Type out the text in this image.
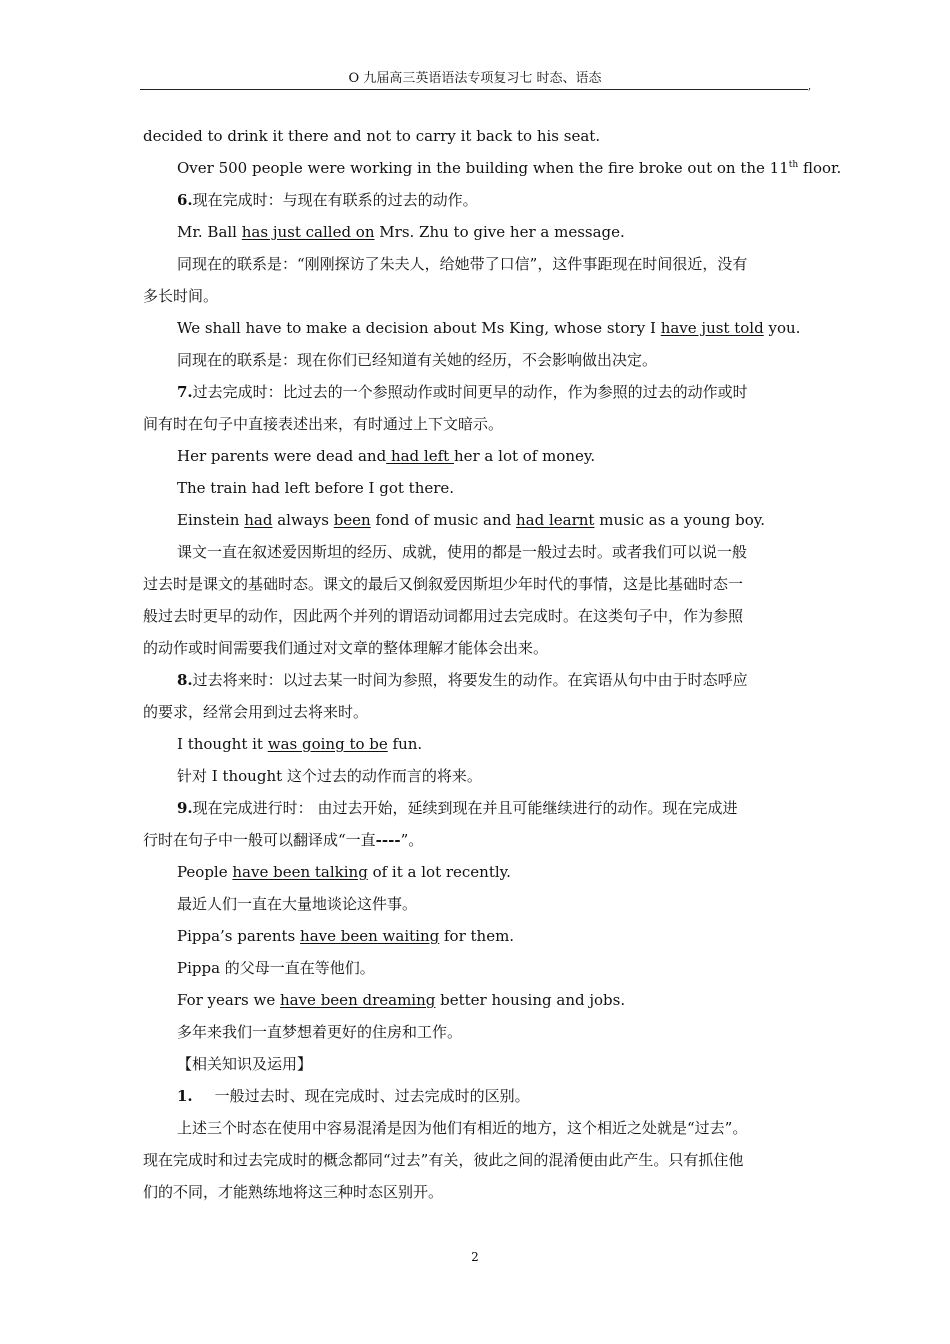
O 九届高三英语语法专项复习七 时态、语态
,
decided to drink it there and not to carry it back to his seat.
Over 500 people were working in the building when the fire broke out on the 11th floor.
6.现在完成时：与现在有联系的过去的动作。
Mr. Ball has just called on Mrs. Zhu to give her a message.
同现在的联系是：“刚刚探访了朱夫人，给她带了口信”，这件事距现在时间很近，没有
多长时间。
We shall have to make a decision about Ms King, whose story I have just told you.
同现在的联系是：现在你们已经知道有关她的经历，不会影响做出决定。
7.过去完成时：比过去的一个参照动作或时间更早的动作，作为参照的过去的动作或时
间有时在句子中直接表述出来，有时通过上下文暗示。
Her parents were dead and had left her a lot of money.
The train had left before I got there.
Einstein had always been fond of music and had learnt music as a young boy.
课文一直在叙述爱因斯坦的经历、成就，使用的都是一般过去时。或者我们可以说一般
过去时是课文的基础时态。课文的最后又倒叙爱因斯坦少年时代的事情，这是比基础时态一
般过去时更早的动作，因此两个并列的谓语动词都用过去完成时。在这类句子中，作为参照
的动作或时间需要我们通过对文章的整体理解才能体会出来。
8.过去将来时：以过去某一时间为参照，将要发生的动作。在宾语从句中由于时态呼应
的要求，经常会用到过去将来时。
I thought it was going to be fun.
针对 I thought 这个过去的动作而言的将来。
9.现在完成进行时： 由过去开始，延续到现在并且可能继续进行的动作。现在完成进
行时在句子中一般可以翻译成“一直----”。
People have been talking of it a lot recently.
最近人们一直在大量地谈论这件事。
Pippa’s parents have been waiting for them.
Pippa 的父母一直在等他们。
For years we have been dreaming better housing and jobs.
多年来我们一直梦想着更好的住房和工作。
【相关知识及运用】
1. 一般过去时、现在完成时、过去完成时的区别。
上述三个时态在使用中容易混淆是因为他们有相近的地方，这个相近之处就是“过去”。
现在完成时和过去完成时的概念都同“过去”有关，彼此之间的混淆便由此产生。只有抓住他
们的不同，才能熟练地将这三种时态区别开。
2
